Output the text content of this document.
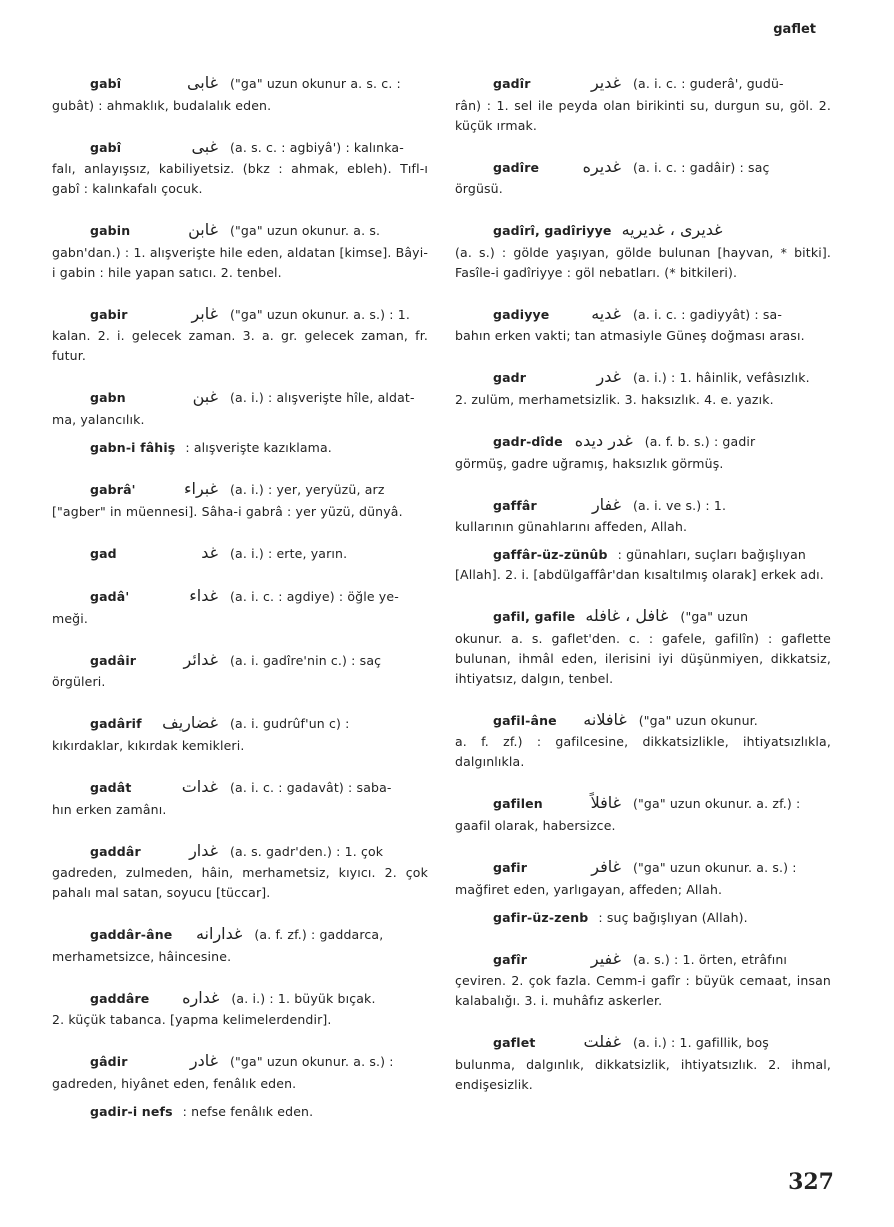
gaflet
gabî	غابى ("ga" uzun okunur a. s. c. :
gubât) : ahmaklık, budalalık eden.
gabî	غبى (a. s. c. : agbiyâ') : kalınka-
falı, anlayışsız, kabiliyetsiz. (bkz : ahmak, ebleh). Tıfl-ı gabî : kalınkafalı çocuk.
gabin	غابن ("ga" uzun okunur. a. s.
gabn'dan.) : 1. alışverişte hile eden, aldatan [kimse]. Bâyi-i gabin : hile yapan satıcı. 2. tenbel.
gabir	غابر ("ga" uzun okunur. a. s.) : 1.
kalan. 2. i. gelecek zaman. 3. a. gr. gelecek zaman, fr. futur.
gabn	غبن (a. i.) : alışverişte hîle, aldat-
ma, yalancılık.
gabn-i fâhiş : alışverişte kazıklama.
gabrâ'	غبراء (a. i.) : yer, yeryüzü, arz
["agber" in müennesi]. Sâha-i gabrâ : yer yüzü, dünyâ.
gad	غد (a. i.) : erte, yarın.
gadâ'	غداء (a. i. c. : agdiye) : öğle ye-
meği.
gadâir	غدائر (a. i. gadîre'nin c.) : saç
örgüleri.
gadârif	غضاريف (a. i. gudrûf'un c) :
kıkırdaklar, kıkırdak kemikleri.
gadât	غدات (a. i. c. : gadavât) : saba-
hın erken zamânı.
gaddâr	غدار (a. s. gadr'den.) : 1. çok
gadreden, zulmeden, hâin, merhametsiz, kıyıcı. 2. çok pahalı mal satan, soyucu [tüccar].
gaddâr-âne	غدارانه (a. f. zf.) : gaddarca,
merhametsizce, hâincesine.
gaddâre	غداره (a. i.) : 1. büyük bıçak.
2. küçük tabanca. [yapma kelimelerdendir].
gâdir	غادر ("ga" uzun okunur. a. s.) :
gadreden, hiyânet eden, fenâlık eden.
gadir-i nefs : nefse fenâlık eden.
gadîr	غدير (a. i. c. : guderâ', gudü-
rân) : 1. sel ile peyda olan birikinti su, durgun su, göl. 2. küçük ırmak.
gadîre	غديره (a. i. c. : gadâir) : saç
örgüsü.
gadîrî, gadîriyye غديرى ، غديريه
(a. s.) : gölde yaşıyan, gölde bulunan [hayvan, * bitki]. Fasîle-i gadîriyye : göl nebatları. (* bitkileri).
gadiyye	غديه (a. i. c. : gadiyyât) : sa-
bahın erken vakti; tan atmasiyle Güneş doğması arası.
gadr	غدر (a. i.) : 1. hâinlik, vefâsızlık.
2. zulüm, merhametsizlik. 3. haksızlık. 4. e. yazık.
gadr-dîde غدر ديده (a. f. b. s.) : gadir
görmüş, gadre uğramış, haksızlık görmüş.
gaffâr	غفار (a. i. ve s.) : 1.
kullarının günahlarını affeden, Allah.
gaffâr-üz-zünûb : günahları, suçları bağışlıyan
[Allah]. 2. i. [abdülgaffâr'dan kısaltılmış olarak] erkek adı.
gafil, gafile غافل ، غافله ("ga" uzun
okunur. a. s. gaflet'den. c. : gafele, gafilîn) : gaflette bulunan, ihmâl eden, ilerisini iyi düşünmiyen, dikkatsiz, ihtiyatsız, dalgın, tenbel.
gafil-âne	غافلانه ("ga" uzun okunur.
a. f. zf.) : gafilcesine, dikkatsizlikle, ihtiyatsızlıkla, dalgınlıkla.
gafilen	غافلاً ("ga" uzun okunur. a. zf.) :
gaafil olarak, habersizce.
gafir	غافر ("ga" uzun okunur. a. s.) :
mağfiret eden, yarlıgayan, affeden; Allah.
gafir-üz-zenb : suç bağışlıyan (Allah).
gafîr	غفير (a. s.) : 1. örten, etrâfını
çeviren. 2. çok fazla. Cemm-i gafîr : büyük cemaat, insan kalabalığı. 3. i. muhâfız askerler.
gaflet	غفلت (a. i.) : 1. gafillik, boş
bulunma, dalgınlık, dikkatsizlik, ihtiyatsızlık. 2. ihmal, endişesizlik.
327
